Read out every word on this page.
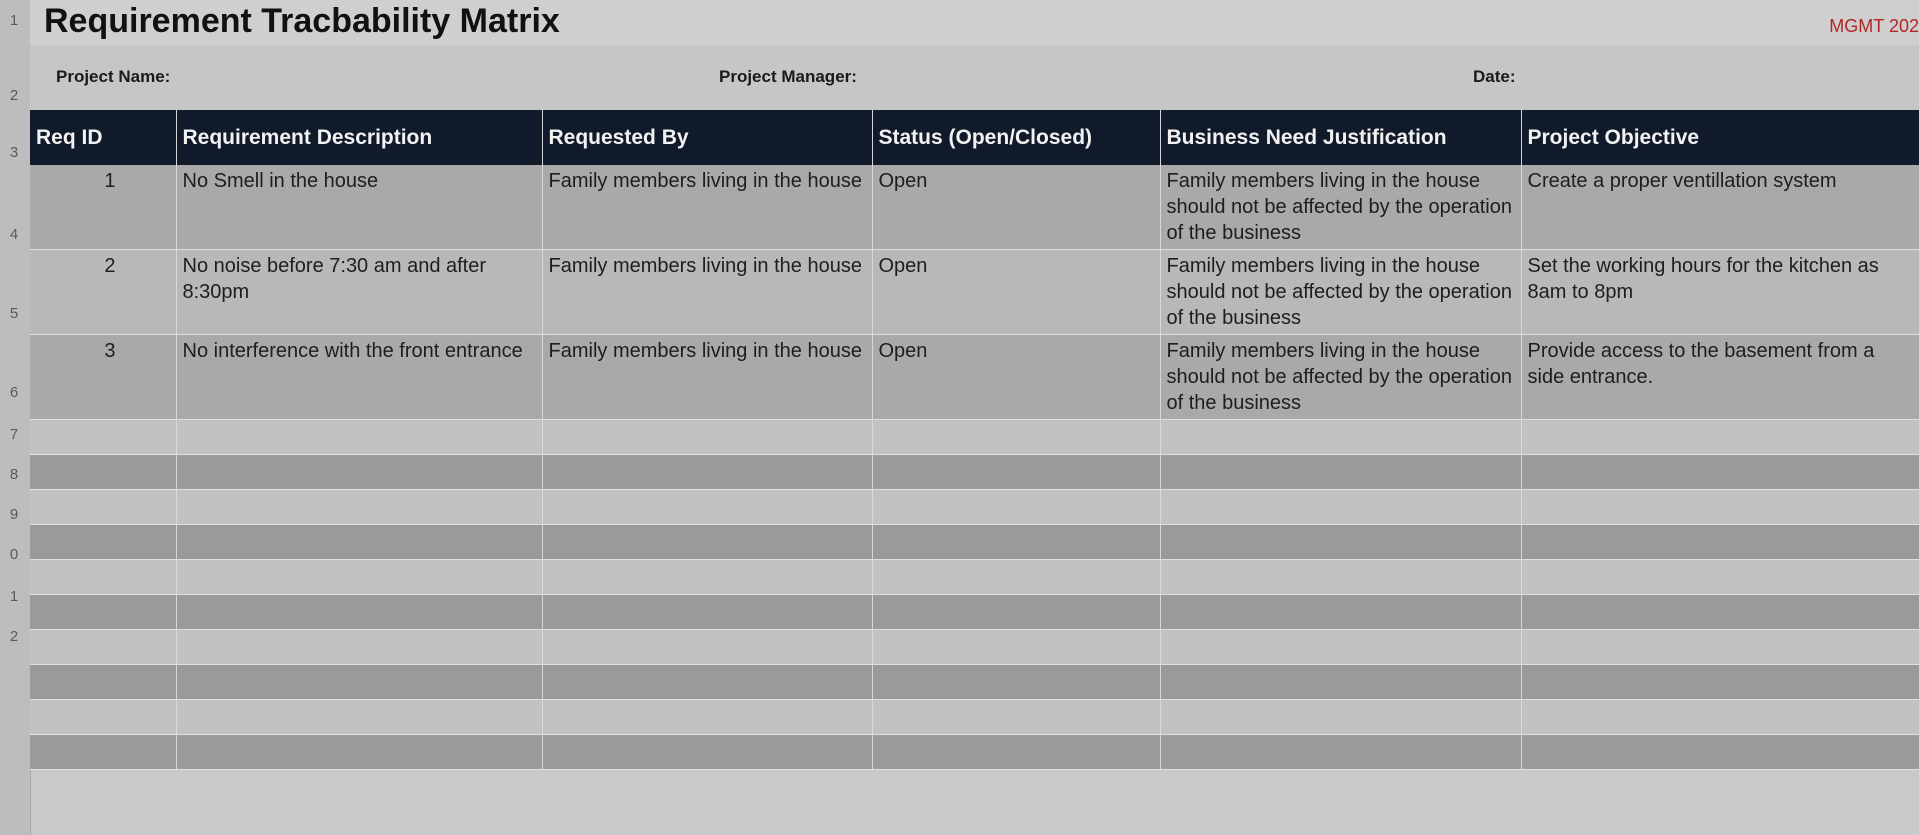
1
2
3
4
5
6
7
8
9
0
1
2
Requirement Tracbability Matrix	MGMT 202
Project Name:	Project Manager:	Date:
Req ID	Requirement Description	Requested By	Status (Open/Closed)	Business Need Justification	Project Objective
1	No Smell in the house	Family members living in the house	Open	Family members living in the house should not be affected by the operation of the business	Create a proper ventillation system
2	No noise before 7:30 am and after 8:30pm	Family members living in the house	Open	Family members living in the house should not be affected by the operation of the business	Set the working hours for the kitchen as 8am to 8pm
3	No interference with the front entrance	Family members living in the house	Open	Family members living in the house should not be affected by the operation of the business	Provide access to the basement from a side entrance.
